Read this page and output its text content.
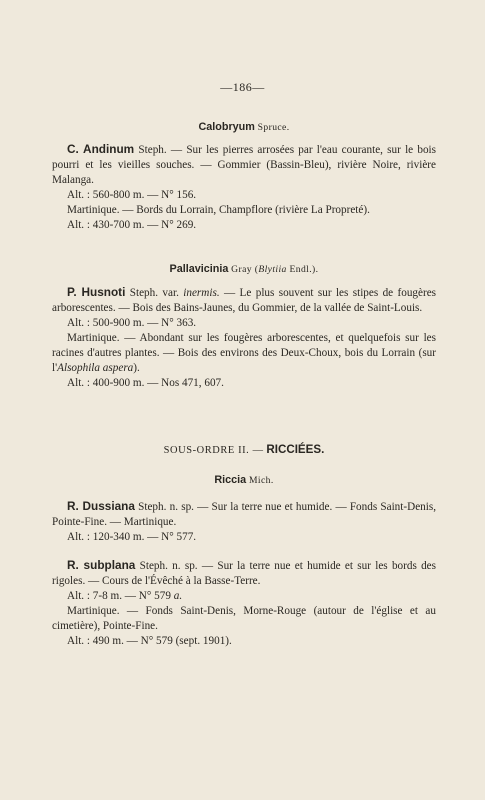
—186—
Calobryum Spruce.

C. Andinum Steph. — Sur les pierres arrosées par l'eau courante, sur le bois pourri et les vieilles souches. — Gommier (Bassin-Bleu), rivière Noire, rivière Malanga.

Alt. : 560-800 m. — N° 156.

Martinique. — Bords du Lorrain, Champflore (rivière La Propreté).

Alt. : 430-700 m. — N° 269.

Pallavicinia Gray (Blytiia Endl.).

P. Husnoti Steph. var. inermis. — Le plus souvent sur les stipes de fougères arborescentes. — Bois des Bains-Jaunes, du Gommier, de la vallée de Saint-Louis.

Alt. : 500-900 m. — N° 363.

Martinique. — Abondant sur les fougères arborescentes, et quelquefois sur les racines d'autres plantes. — Bois des environs des Deux-Choux, bois du Lorrain (sur l'Alsophila aspera).

Alt. : 400-900 m. — Nos 471, 607.

SOUS-ORDRE II. — RICCIÉES.
Riccia Mich.

R. Dussiana Steph. n. sp. — Sur la terre nue et humide. — Fonds Saint-Denis, Pointe-Fine. — Martinique.

Alt. : 120-340 m. — N° 577.

R. subplana Steph. n. sp. — Sur la terre nue et humide et sur les bords des rigoles. — Cours de l'Évêché à la Basse-Terre.

Alt. : 7-8 m. — N° 579 a.

Martinique. — Fonds Saint-Denis, Morne-Rouge (autour de l'église et au cimetière), Pointe-Fine.

Alt. : 490 m. — N° 579 (sept. 1901).
